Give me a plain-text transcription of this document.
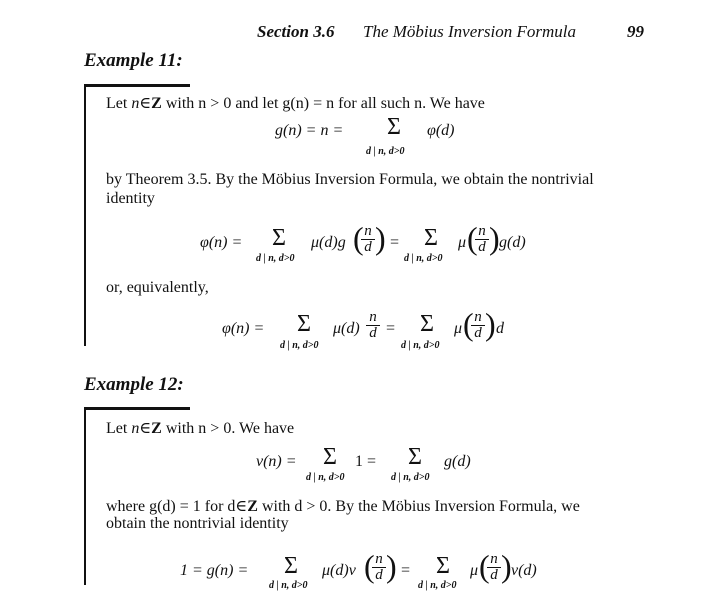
Section 3.6 The Möbius Inversion Formula	99
Example 11:
Let n∈Z with n > 0 and let g(n) = n for all such n. We have
g(n) = n = Σ
d | n, d>0
φ(d)
by Theorem 3.5. By the Möbius Inversion Formula, we obtain the nontrivial
identity
φ(n) = Σ
d | n, d>0
μ(d)g (
$\frac{n}{d}$ ) = Σ
d | n, d>0
μ (
$\frac{n}{d}$ ) g(d)
or, equivalently,
φ(n) = Σ
d | n, d>0
$\mu(d) \frac{n}{d} = \Sigma$
d | n, d>0
μ (
$\frac{n}{d}$ ) d
Example 12:
Let n∈Z with n > 0. We have
ν(n) = Σ
d | n, d>0
1 = Σ
d | n, d>0
g(d)
where g(d) = 1 for d∈Z with d > 0. By the Möbius Inversion Formula, we
obtain the nontrivial identity
1 = g(n) = Σ
d | n, d>0
μ(d)ν (
$\frac{n}{d}$ ) = Σ
d | n, d>0
μ (
$\frac{n}{d}$ ) ν(d)
